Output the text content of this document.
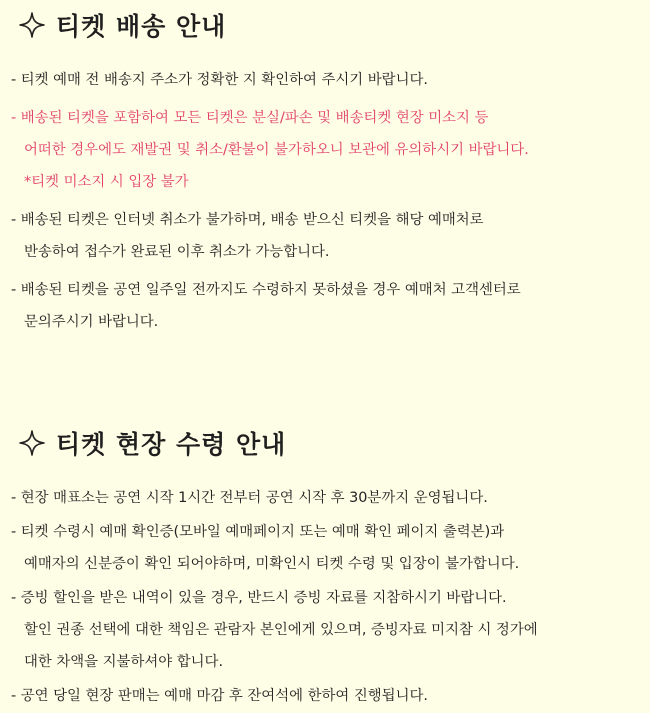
티켓 배송 안내
- 티켓 예매 전 배송지 주소가 정확한 지 확인하여 주시기 바랍니다.
- 배송된 티켓을 포함하여 모든 티켓은 분실/파손 및 배송티켓 현장 미소지 등
어떠한 경우에도 재발권 및 취소/환불이 불가하오니 보관에 유의하시기 바랍니다.
*티켓 미소지 시 입장 불가
- 배송된 티켓은 인터넷 취소가 불가하며, 배송 받으신 티켓을 해당 예매처로
반송하여 접수가 완료된 이후 취소가 가능합니다.
- 배송된 티켓을 공연 일주일 전까지도 수령하지 못하셨을 경우 예매처 고객센터로
문의주시기 바랍니다.
티켓 현장 수령 안내
- 현장 매표소는 공연 시작 1시간 전부터 공연 시작 후 30분까지 운영됩니다.
- 티켓 수령시 예매 확인증(모바일 예매페이지 또는 예매 확인 페이지 출력본)과
예매자의 신분증이 확인 되어야하며, 미확인시 티켓 수령 및 입장이 불가합니다.
- 증빙 할인을 받은 내역이 있을 경우, 반드시 증빙 자료를 지참하시기 바랍니다.
할인 권종 선택에 대한 책임은 관람자 본인에게 있으며, 증빙자료 미지참 시 정가에
대한 차액을 지불하셔야 합니다.
- 공연 당일 현장 판매는 예매 마감 후 잔여석에 한하여 진행됩니다.
